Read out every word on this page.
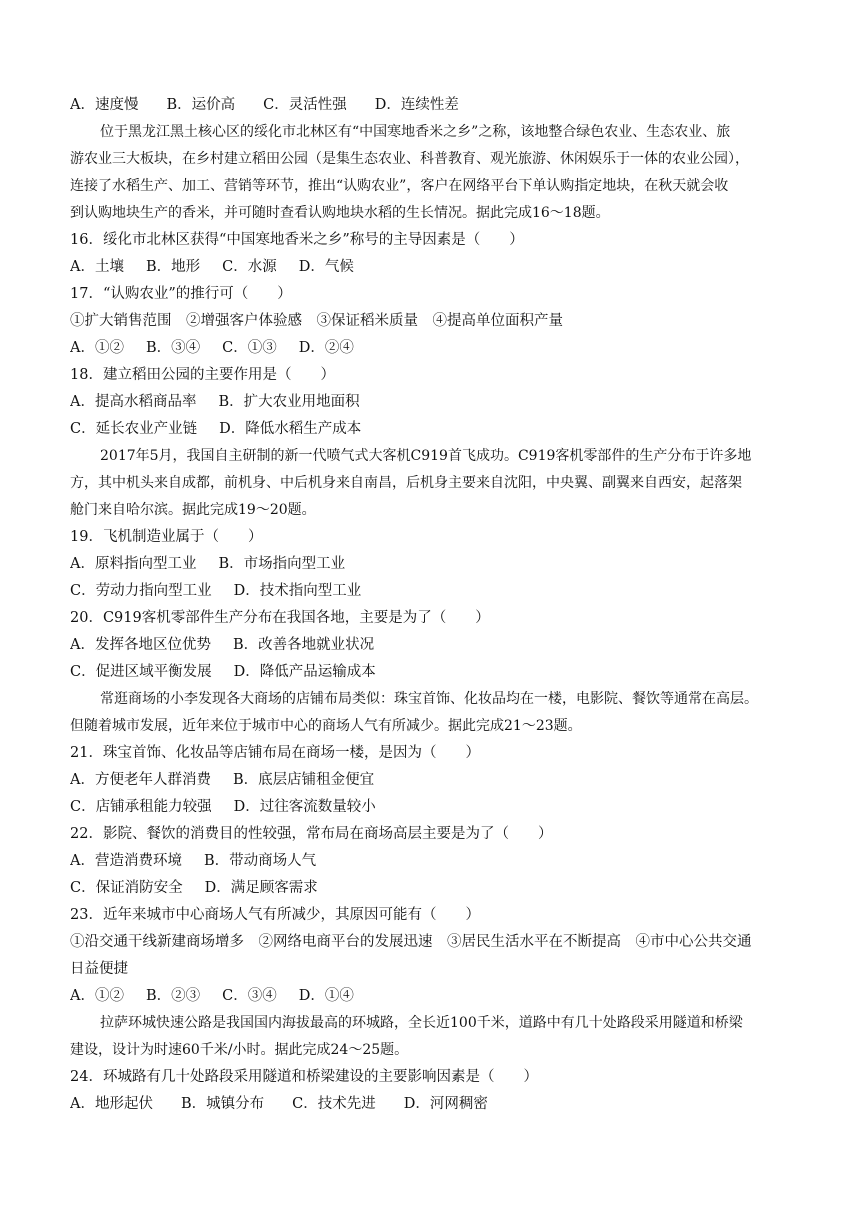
A．速度慢 B．运价高 C．灵活性强 D．连续性差
位于黑龙江黑土核心区的绥化市北林区有“中国寒地香米之乡”之称，该地整合绿色农业、生态农业、旅
游农业三大板块，在乡村建立稻田公园（是集生态农业、科普教育、观光旅游、休闲娱乐于一体的农业公园），
连接了水稻生产、加工、营销等环节，推出“认购农业”，客户在网络平台下单认购指定地块，在秋天就会收
到认购地块生产的香米，并可随时查看认购地块水稻的生长情况。据此完成16～18题。
16．绥化市北林区获得“中国寒地香米之乡”称号的主导因素是（　　）
A．土壤 B．地形 C．水源 D．气候
17．“认购农业”的推行可（　　）
①扩大销售范围　②增强客户体验感　③保证稻米质量　④提高单位面积产量
A．①② B．③④ C．①③ D．②④
18．建立稻田公园的主要作用是（　　）
A．提高水稻商品率 B．扩大农业用地面积
C．延长农业产业链 D．降低水稻生产成本
2017年5月，我国自主研制的新一代喷气式大客机C919首飞成功。C919客机零部件的生产分布于许多地
方，其中机头来自成都，前机身、中后机身来自南昌，后机身主要来自沈阳，中央翼、副翼来自西安，起落架
舱门来自哈尔滨。据此完成19～20题。
19．飞机制造业属于（　　）
A．原料指向型工业 B．市场指向型工业
C．劳动力指向型工业 D．技术指向型工业
20．C919客机零部件生产分布在我国各地，主要是为了（　　）
A．发挥各地区位优势 B．改善各地就业状况
C．促进区域平衡发展 D．降低产品运输成本
常逛商场的小李发现各大商场的店铺布局类似：珠宝首饰、化妆品均在一楼，电影院、餐饮等通常在高层。
但随着城市发展，近年来位于城市中心的商场人气有所减少。据此完成21～23题。
21．珠宝首饰、化妆品等店铺布局在商场一楼，是因为（　　）
A．方便老年人群消费 B．底层店铺租金便宜
C．店铺承租能力较强 D．过往客流数量较小
22．影院、餐饮的消费目的性较强，常布局在商场高层主要是为了（　　）
A．营造消费环境 B．带动商场人气
C．保证消防安全 D．满足顾客需求
23．近年来城市中心商场人气有所减少，其原因可能有（　　）
①沿交通干线新建商场增多　②网络电商平台的发展迅速　③居民生活水平在不断提高　④市中心公共交通
日益便捷
A．①② B．②③ C．③④ D．①④
拉萨环城快速公路是我国国内海拔最高的环城路，全长近100千米，道路中有几十处路段采用隧道和桥梁
建设，设计为时速60千米/小时。据此完成24～25题。
24．环城路有几十处路段采用隧道和桥梁建设的主要影响因素是（　　）
A．地形起伏 B．城镇分布 C．技术先进 D．河网稠密
